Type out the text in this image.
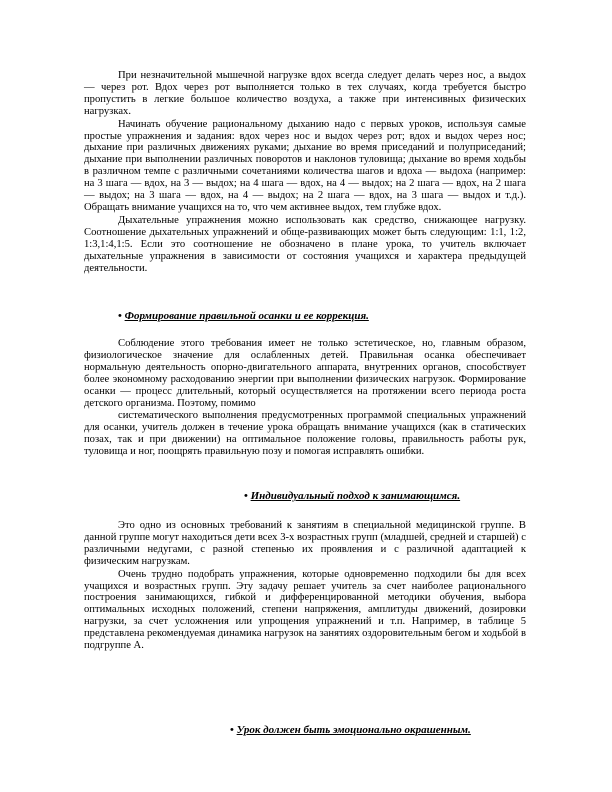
При незначительной мышечной нагрузке вдох всегда следует делать через нос, а выдох — через рот. Вдох через рот выполняется только в тех случаях, когда требуется быстро пропустить в легкие большое количество воздуха, а также при интенсивных физических нагрузках.

Начинать обучение рациональному дыханию надо с первых уроков, используя самые простые упражнения и задания: вдох через нос и выдох через рот; вдох и выдох через нос; дыхание при различных движениях руками; дыхание во время приседаний и полуприседаний; дыхание при выполнении различных поворотов и наклонов туловища; дыхание во время ходьбы в различном темпе с различными сочетаниями количества шагов и вдоха — выдоха (например: на 3 шага — вдох, на 3 — выдох; на 4 шага — вдох, на 4 — выдох; на 2 шага — вдох, на 2 шага — выдох; на 3 шага — вдох, на 4 — выдох; на 2 шага — вдох, на 3 шага — выдох и т.д.). Обращать внимание учащихся на то, что чем активнее выдох, тем глубже вдох.

Дыхательные упражнения можно использовать как средство, снижающее нагрузку. Соотношение дыхательных упражнений и обще-развивающих может быть следующим: 1:1, 1:2, 1:3,1:4,1:5. Если это соотношение не обозначено в плане урока, то учитель включает дыхательные упражнения в зависимости от состояния учащихся и характера предыдущей деятельности.

• Формирование правильной осанки и ее коррекция.

Соблюдение этого требования имеет не только эстетическое, но, главным образом, физиологическое значение для ослабленных детей. Правильная осанка обеспечивает нормальную деятельность опорно-двигательного аппарата, внутренних органов, способствует более экономному расходованию энергии при выполнении физических нагрузок. Формирование осанки — процесс длительный, который осуществляется на протяжении всего периода роста детского организма. Поэтому, помимо

систематического выполнения предусмотренных программой специальных упражнений для осанки, учитель должен в течение урока обращать внимание учащихся (как в статических позах, так и при движении) на оптимальное положение головы, правильность работы рук, туловища и ног, поощрять правильную позу и помогая исправлять ошибки.

• Индивидуальный подход к занимающимся.

Это одно из основных требований к занятиям в специальной медицинской группе. В данной группе могут находиться дети всех 3-х возрастных групп (младшей, средней и старшей) с различными недугами, с разной степенью их проявления и с различной адаптацией к физическим нагрузкам.

Очень трудно подобрать упражнения, которые одновременно подходили бы для всех учащихся и возрастных групп. Эту задачу решает учитель за счет наиболее рационального построения занимающихся, гибкой и дифференцированной методики обучения, выбора оптимальных исходных положений, степени напряжения, амплитуды движений, дозировки нагрузки, за счет усложнения или упрощения упражнений и т.п. Например, в таблице 5 представлена рекомендуемая динамика нагрузок на занятиях оздоровительным бегом и ходьбой в подгруппе А.

• Урок должен быть эмоционально окрашенным.
